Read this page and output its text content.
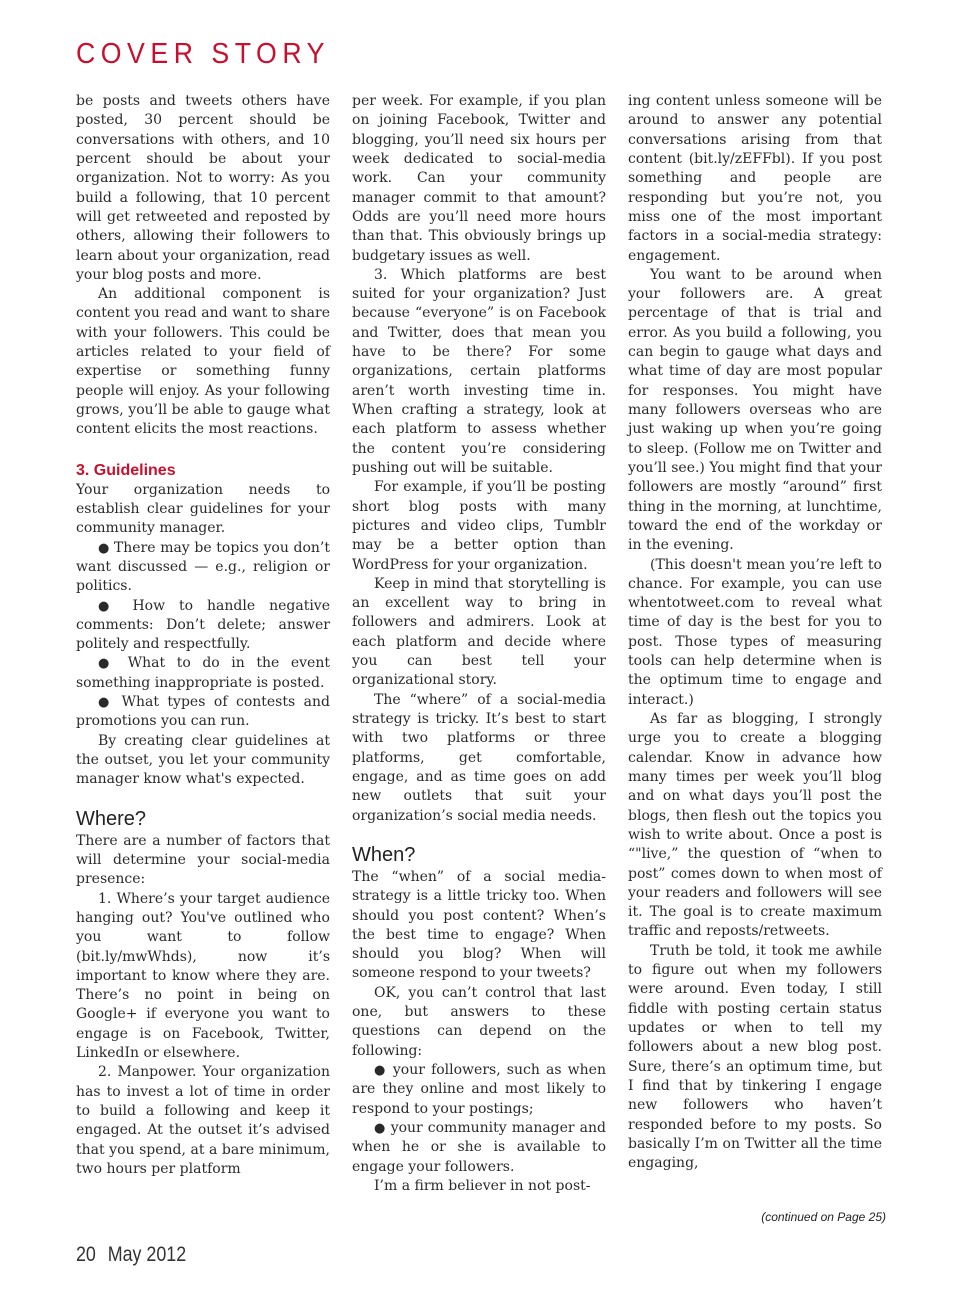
COVER STORY

be posts and tweets others have posted, 30 percent should be conversations with others, and 10 percent should be about your organization. Not to worry: As you build a following, that 10 percent will get retweeted and reposted by others, allowing their followers to learn about your organization, read your blog posts and more.

An additional component is content you read and want to share with your followers. This could be articles related to your field of expertise or something funny people will enjoy. As your following grows, you’ll be able to gauge what content elicits the most reactions.

3. Guidelines

Your organization needs to establish clear guidelines for your community manager.

● There may be topics you don’t want discussed — e.g., religion or politics.

● How to handle negative comments: Don’t delete; answer politely and respectfully.

● What to do in the event something inappropriate is posted.

● What types of contests and promotions you can run.

By creating clear guidelines at the outset, you let your community manager know what's expected.

Where?

There are a number of factors that will determine your social-media presence:

1. Where’s your target audience hanging out? You've outlined who you want to follow (bit.ly/mwWhds), now it’s important to know where they are. There’s no point in being on Google+ if everyone you want to engage is on Facebook, Twitter, LinkedIn or elsewhere.

2. Manpower. Your organization has to invest a lot of time in order to build a following and keep it engaged. At the outset it’s advised that you spend, at a bare minimum, two hours per platform

per week. For example, if you plan on joining Facebook, Twitter and blogging, you’ll need six hours per week dedicated to social-media work. Can your community manager commit to that amount? Odds are you’ll need more hours than that. This obviously brings up budgetary issues as well.

3. Which platforms are best suited for your organization? Just because “everyone” is on Facebook and Twitter, does that mean you have to be there? For some organizations, certain platforms aren’t worth investing time in. When crafting a strategy, look at each platform to assess whether the content you’re considering pushing out will be suitable.

For example, if you’ll be posting short blog posts with many pictures and video clips, Tumblr may be a better option than WordPress for your organization.

Keep in mind that storytelling is an excellent way to bring in followers and admirers. Look at each platform and decide where you can best tell your organizational story.

The “where” of a social-media strategy is tricky. It’s best to start with two platforms or three platforms, get comfortable, engage, and as time goes on add new outlets that suit your organization’s social media needs.

When?

The “when” of a social media-strategy is a little tricky too. When should you post content? When’s the best time to engage? When should you blog? When will someone respond to your tweets?

OK, you can’t control that last one, but answers to these questions can depend on the following:

● your followers, such as when are they online and most likely to respond to your postings;

● your community manager and when he or she is available to engage your followers.

I’m a firm believer in not post-

ing content unless someone will be around to answer any potential conversations arising from that content (bit.ly/zEFFbl). If you post something and people are responding but you’re not, you miss one of the most important factors in a social-media strategy: engagement.

You want to be around when your followers are. A great percentage of that is trial and error. As you build a following, you can begin to gauge what days and what time of day are most popular for responses. You might have many followers overseas who are just waking up when you’re going to sleep. (Follow me on Twitter and you’ll see.) You might find that your followers are mostly “around” first thing in the morning, at lunchtime, toward the end of the workday or in the evening.

(This doesn't mean you’re left to chance. For example, you can use whentotweet.com to reveal what time of day is the best for you to post. Those types of measuring tools can help determine when is the optimum time to engage and interact.)

As far as blogging, I strongly urge you to create a blogging calendar. Know in advance how many times per week you’ll blog and on what days you’ll post the blogs, then flesh out the topics you wish to write about. Once a post is “"live,” the question of “when to post” comes down to when most of your readers and followers will see it. The goal is to create maximum traffic and reposts/retweets.

Truth be told, it took me awhile to figure out when my followers were around. Even today, I still fiddle with posting certain status updates or when to tell my followers about a new blog post. Sure, there’s an optimum time, but I find that by tinkering I engage new followers who haven’t responded before to my posts. So basically I’m on Twitter all the time engaging,

(continued on Page 25)
20 May 2012
